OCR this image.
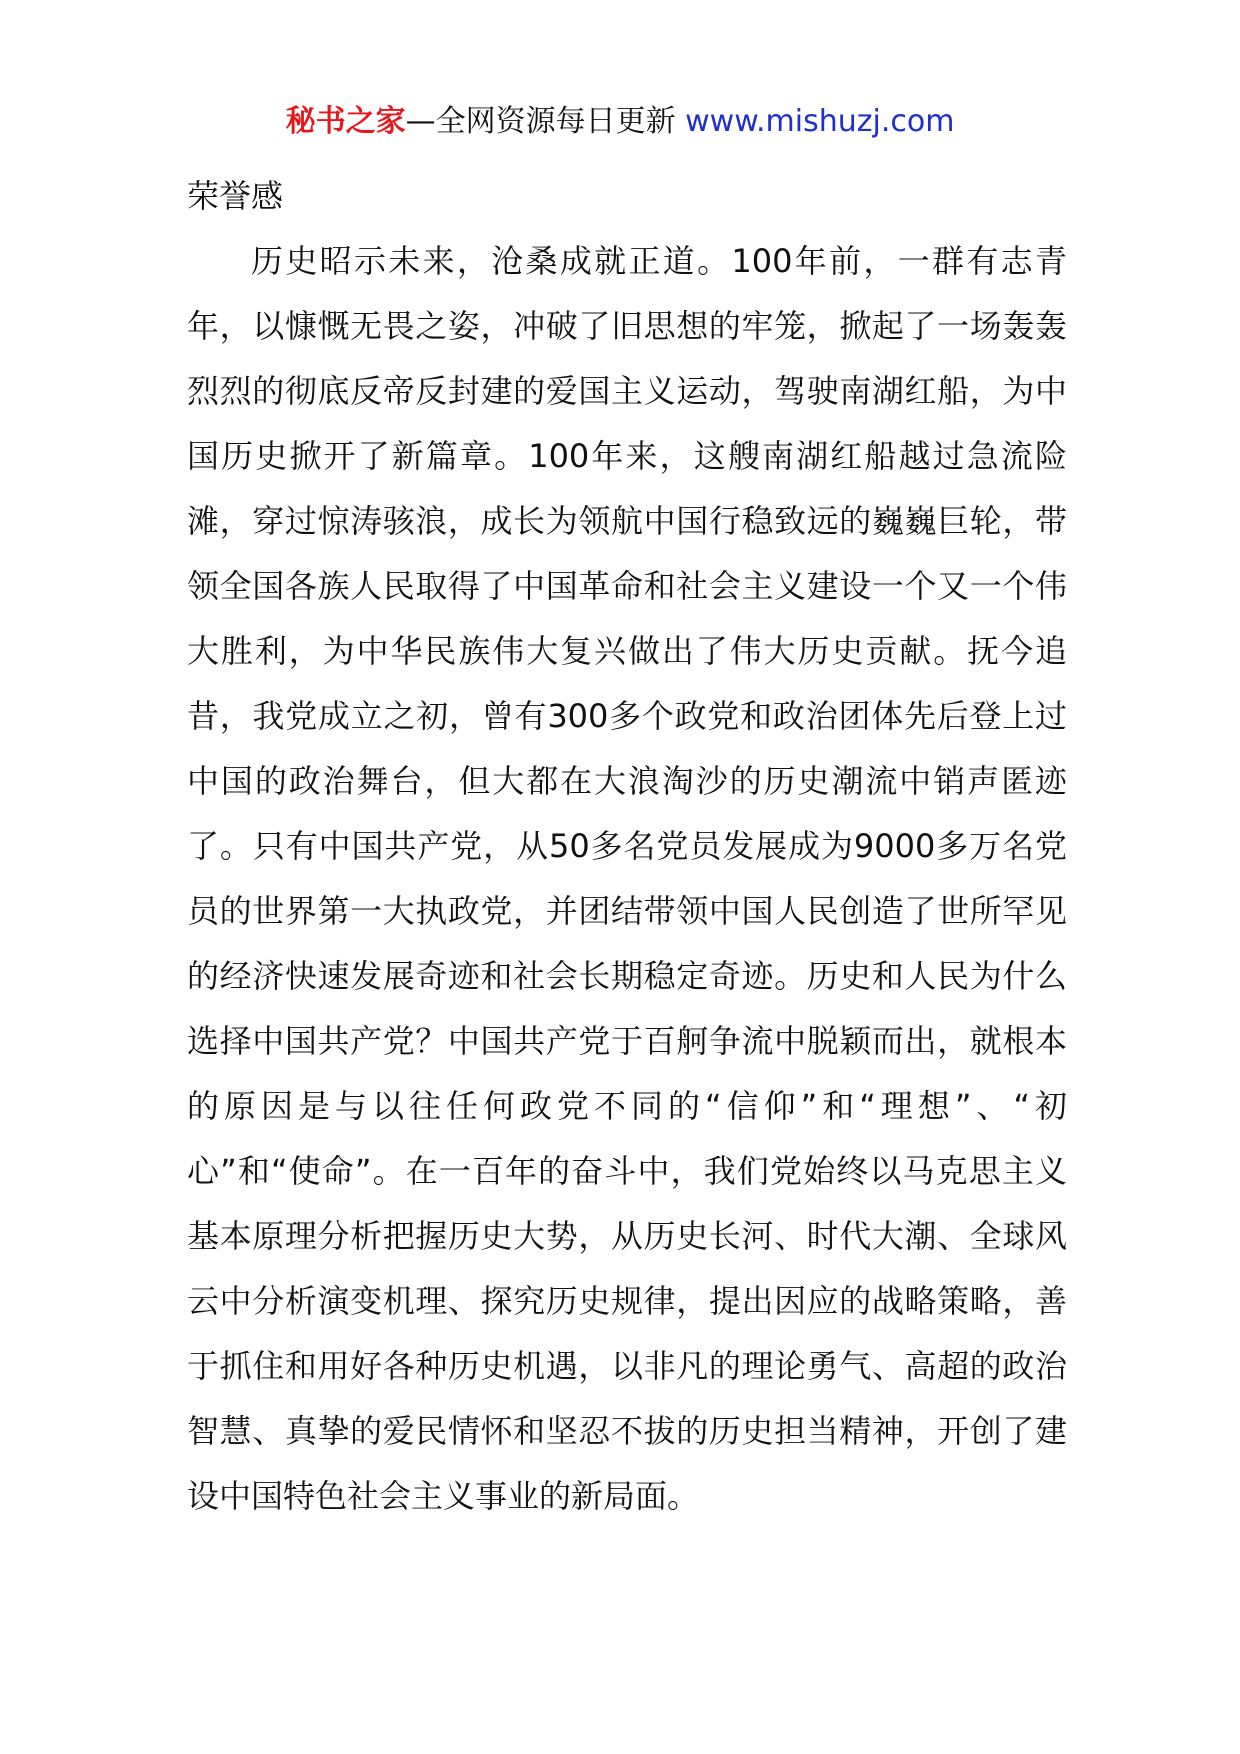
秘书之家—全网资源每日更新 www.mishuzj.com

荣誉感

历史昭示未来，沧桑成就正道。100年前，一群有志青年，以慷慨无畏之姿，冲破了旧思想的牢笼，掀起了一场轰轰烈烈的彻底反帝反封建的爱国主义运动，驾驶南湖红船，为中国历史掀开了新篇章。100年来，这艘南湖红船越过急流险滩，穿过惊涛骇浪，成长为领航中国行稳致远的巍巍巨轮，带领全国各族人民取得了中国革命和社会主义建设一个又一个伟大胜利，为中华民族伟大复兴做出了伟大历史贡献。抚今追昔，我党成立之初，曾有300多个政党和政治团体先后登上过中国的政治舞台，但大都在大浪淘沙的历史潮流中销声匿迹了。只有中国共产党，从50多名党员发展成为9000多万名党员的世界第一大执政党，并团结带领中国人民创造了世所罕见的经济快速发展奇迹和社会长期稳定奇迹。历史和人民为什么选择中国共产党？中国共产党于百舸争流中脱颖而出，就根本的原因是与以往任何政党不同的“信仰”和“理想”、“初心”和“使命”。在一百年的奋斗中，我们党始终以马克思主义基本原理分析把握历史大势，从历史长河、时代大潮、全球风云中分析演变机理、探究历史规律，提出因应的战略策略，善于抓住和用好各种历史机遇，以非凡的理论勇气、高超的政治智慧、真挚的爱民情怀和坚忍不拔的历史担当精神，开创了建设中国特色社会主义事业的新局面。
